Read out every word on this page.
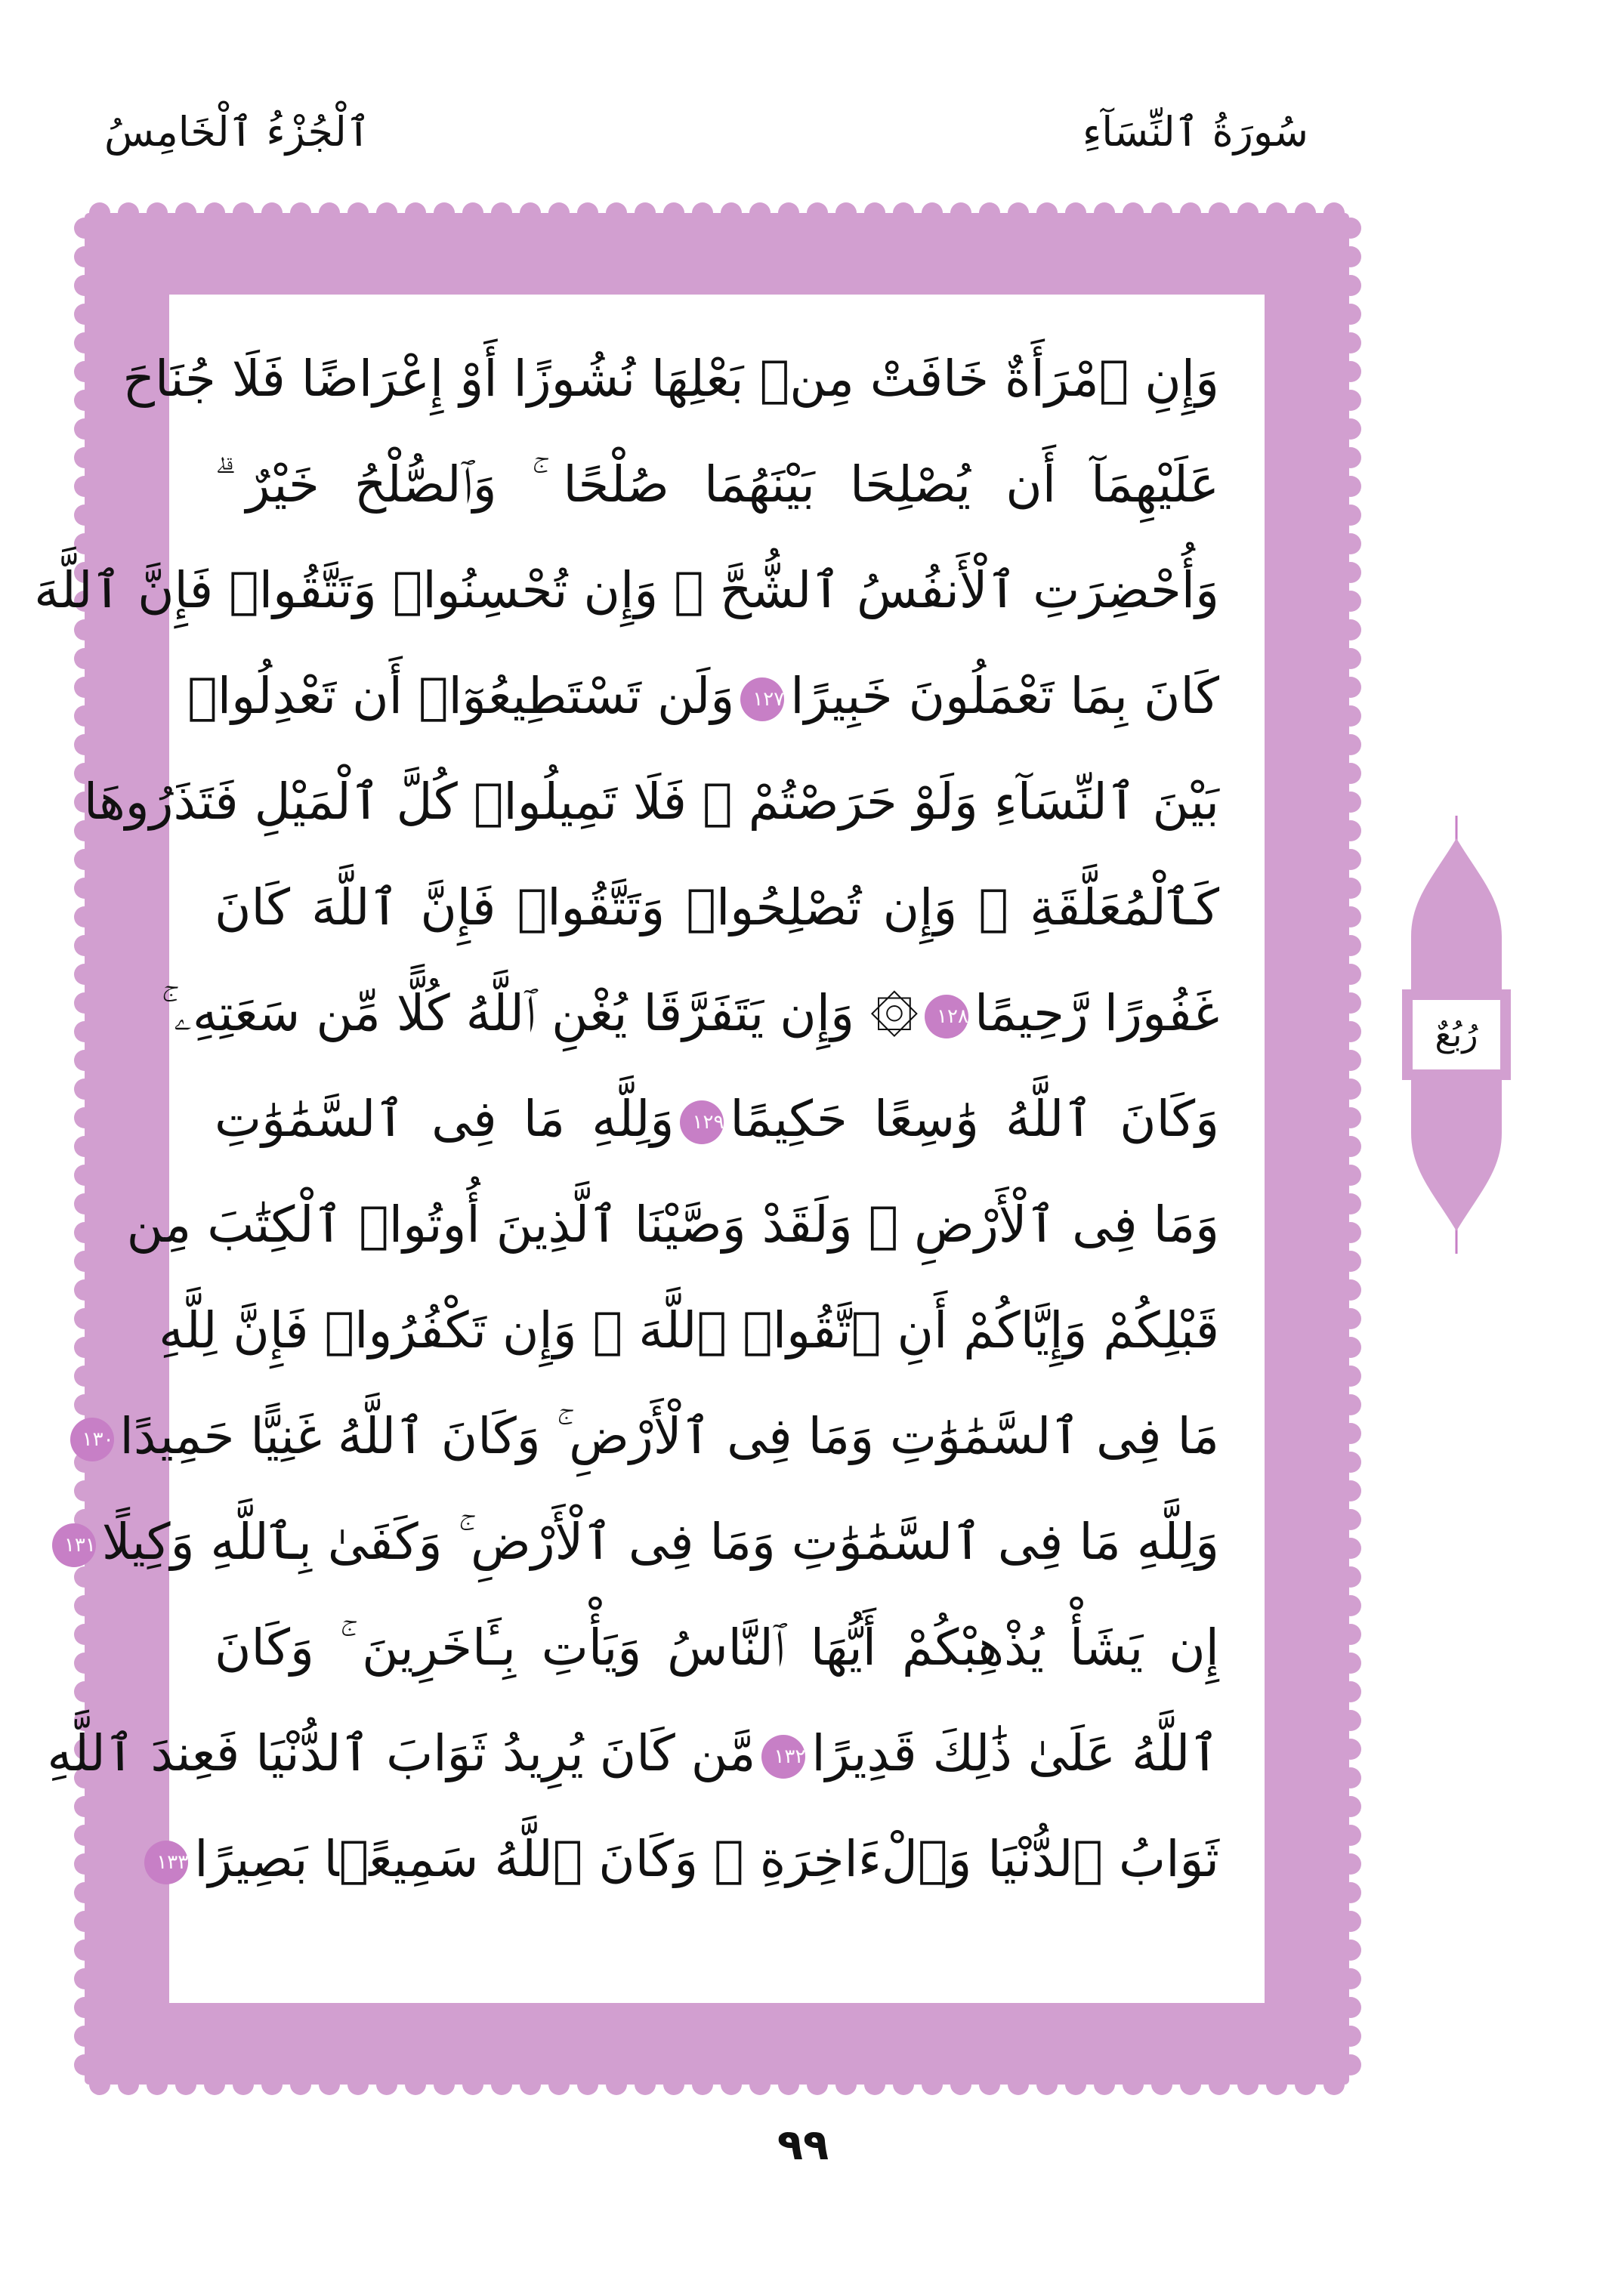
سُورَةُ ٱلنِّسَآءِ
ٱلْجُزْءُ ٱلْخَامِسُ
وَإِنِ ٱمْرَأَةٌ خَافَتْ مِنۢ بَعْلِهَا نُشُوزًا أَوْ إِعْرَاضًا فَلَا جُنَاحَ
عَلَيْهِمَآ أَن يُصْلِحَا بَيْنَهُمَا صُلْحًا ۚ وَٱلصُّلْحُ خَيْرٌ ۗ
وَأُحْضِرَتِ ٱلْأَنفُسُ ٱلشُّحَّ ۚ وَإِن تُحْسِنُوا۟ وَتَتَّقُوا۟ فَإِنَّ ٱللَّهَ
كَانَ بِمَا تَعْمَلُونَ خَبِيرًا١٢٧وَلَن تَسْتَطِيعُوٓا۟ أَن تَعْدِلُوا۟
بَيْنَ ٱلنِّسَآءِ وَلَوْ حَرَصْتُمْ ۖ فَلَا تَمِيلُوا۟ كُلَّ ٱلْمَيْلِ فَتَذَرُوهَا
كَٱلْمُعَلَّقَةِ ۚ وَإِن تُصْلِحُوا۟ وَتَتَّقُوا۟ فَإِنَّ ٱللَّهَ كَانَ
غَفُورًا رَّحِيمًا١٢٨۞ وَإِن يَتَفَرَّقَا يُغْنِ ٱللَّهُ كُلًّا مِّن سَعَتِهِۦ ۚ
وَكَانَ ٱللَّهُ وَٰسِعًا حَكِيمًا١٢٩وَلِلَّهِ مَا فِى ٱلسَّمَٰوَٰتِ
وَمَا فِى ٱلْأَرْضِ ۗ وَلَقَدْ وَصَّيْنَا ٱلَّذِينَ أُوتُوا۟ ٱلْكِتَٰبَ مِن
قَبْلِكُمْ وَإِيَّاكُمْ أَنِ ٱتَّقُوا۟ ٱللَّهَ ۚ وَإِن تَكْفُرُوا۟ فَإِنَّ لِلَّهِ
مَا فِى ٱلسَّمَٰوَٰتِ وَمَا فِى ٱلْأَرْضِ ۚ وَكَانَ ٱللَّهُ غَنِيًّا حَمِيدًا١٣٠
وَلِلَّهِ مَا فِى ٱلسَّمَٰوَٰتِ وَمَا فِى ٱلْأَرْضِ ۚ وَكَفَىٰ بِٱللَّهِ وَكِيلًا١٣١
إِن يَشَأْ يُذْهِبْكُمْ أَيُّهَا ٱلنَّاسُ وَيَأْتِ بِـَٔاخَرِينَ ۚ وَكَانَ
ٱللَّهُ عَلَىٰ ذَٰلِكَ قَدِيرًا١٣٢مَّن كَانَ يُرِيدُ ثَوَابَ ٱلدُّنْيَا فَعِندَ ٱللَّهِ
ثَوَابُ ٱلدُّنْيَا وَٱلْءَاخِرَةِ ۚ وَكَانَ ٱللَّهُ سَمِيعًۢا بَصِيرًا١٣٣
رُبُعٌ
٩٩
